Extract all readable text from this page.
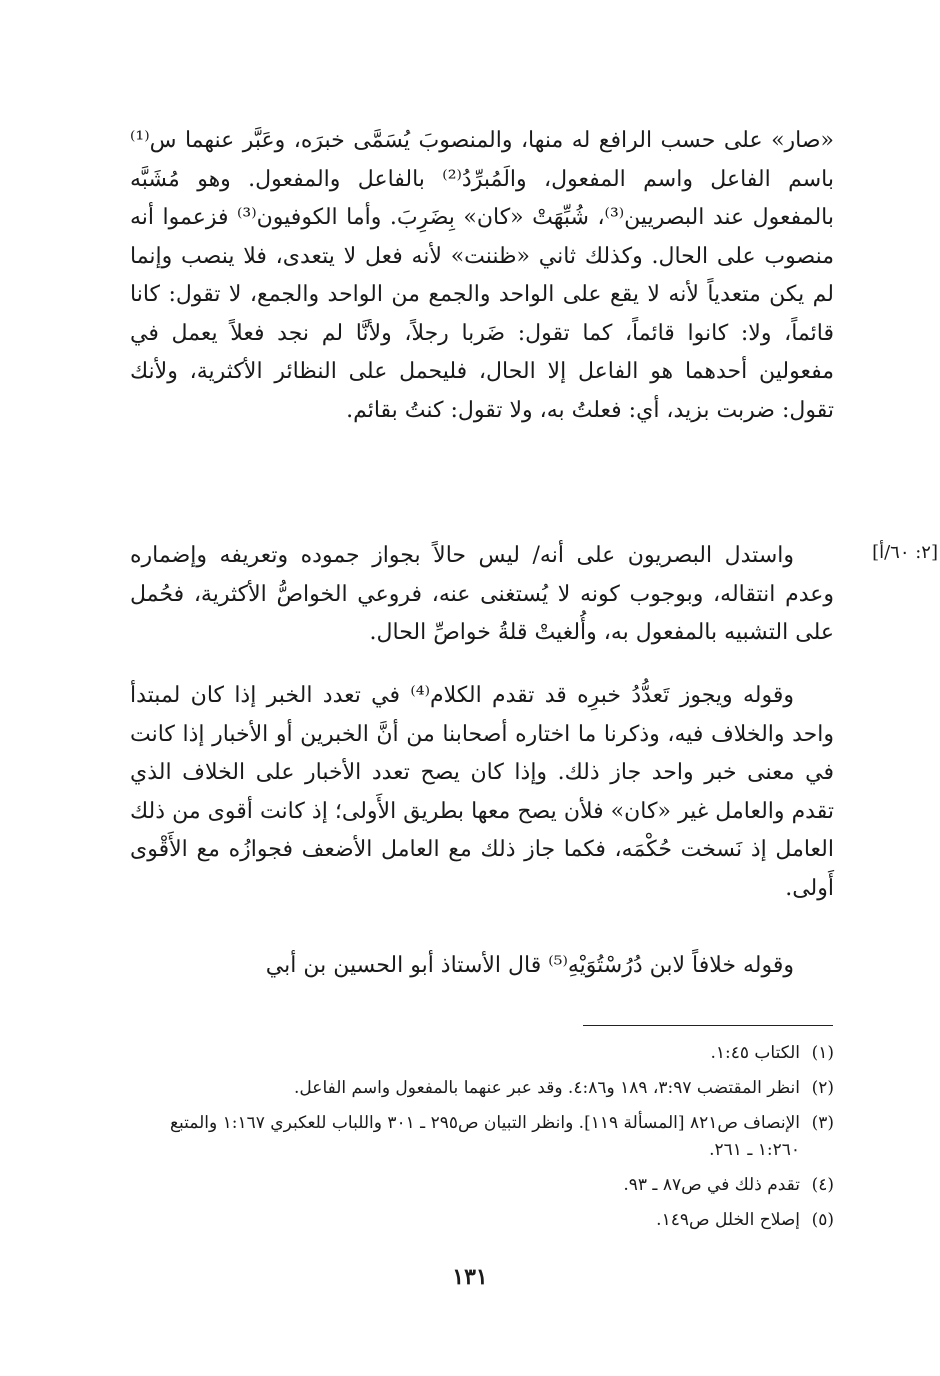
«صار» على حسب الرافع له منها، والمنصوبَ يُسَمَّى خبرَه، وعَبَّر عنهما س⁽¹⁾ باسم الفاعل واسم المفعول، والَمُبرِّدُ⁽²⁾ بالفاعل والمفعول. وهو مُشَبَّه بالمفعول عند البصريين⁽³⁾، شُبِّهَتْ «كان» بِضَرِبَ. وأما الكوفيون⁽³⁾ فزعموا أنه منصوب على الحال. وكذلك ثاني «ظننت» لأنه فعل لا يتعدى، فلا ينصب وإنما لم يكن متعدياً لأنه لا يقع على الواحد والجمع من الواحد والجمع، لا تقول: كانا قائماً، ولا: كانوا قائماً، كما تقول: ضَربا رجلاً، ولأنَّا لم نجد فعلاً يعمل في مفعولين أحدهما هو الفاعل إلا الحال، فليحمل على النظائر الأكثرية، ولأنك تقول: ضربت بزيد، أي: فعلتُ به، ولا تقول: كنتُ بقائم.

[٢: ٦٠/أ]

واستدل البصريون على أنه/ ليس حالاً بجواز جموده وتعريفه وإضماره وعدم انتقاله، وبوجوب كونه لا يُستغنى عنه، فروعي الخواصُّ الأكثرية، فحُمل على التشبيه بالمفعول به، وأُلغيتْ قلةُ خواصِّ الحال.

وقوله ويجوز تَعدُّدُ خبرِه قد تقدم الكلام⁽⁴⁾ في تعدد الخبر إذا كان لمبتدأ واحد والخلاف فيه، وذكرنا ما اختاره أصحابنا من أنَّ الخبرين أو الأخبار إذا كانت في معنى خبر واحد جاز ذلك. وإذا كان يصح تعدد الأخبار على الخلاف الذي تقدم والعامل غير «كان» فلأن يصح معها بطريق الأَولى؛ إذ كانت أقوى من ذلك العامل إذ نَسخت حُكْمَه، فكما جاز ذلك مع العامل الأضعف فجوازُه مع الأَقْوى أَولى.

وقوله خلافاً لابن دُرُسْتُوَيْهِ⁽⁵⁾ قال الأستاذ أبو الحسين بن أبي

(١)
الكتاب ١:٤٥.
(٢)
انظر المقتضب ٣:٩٧، ١٨٩ و٤:٨٦. وقد عبر عنهما بالمفعول واسم الفاعل.
(٣)
الإنصاف ص٨٢١ [المسألة ١١٩]. وانظر التبيان ص٢٩٥ ـ ٣٠١ واللباب للعكبري ١:١٦٧ والمتبع ١:٢٦٠ ـ ٢٦١.
(٤)
تقدم ذلك في ص٨٧ ـ ٩٣.
(٥)
إصلاح الخلل ص١٤٩.
١٣١
